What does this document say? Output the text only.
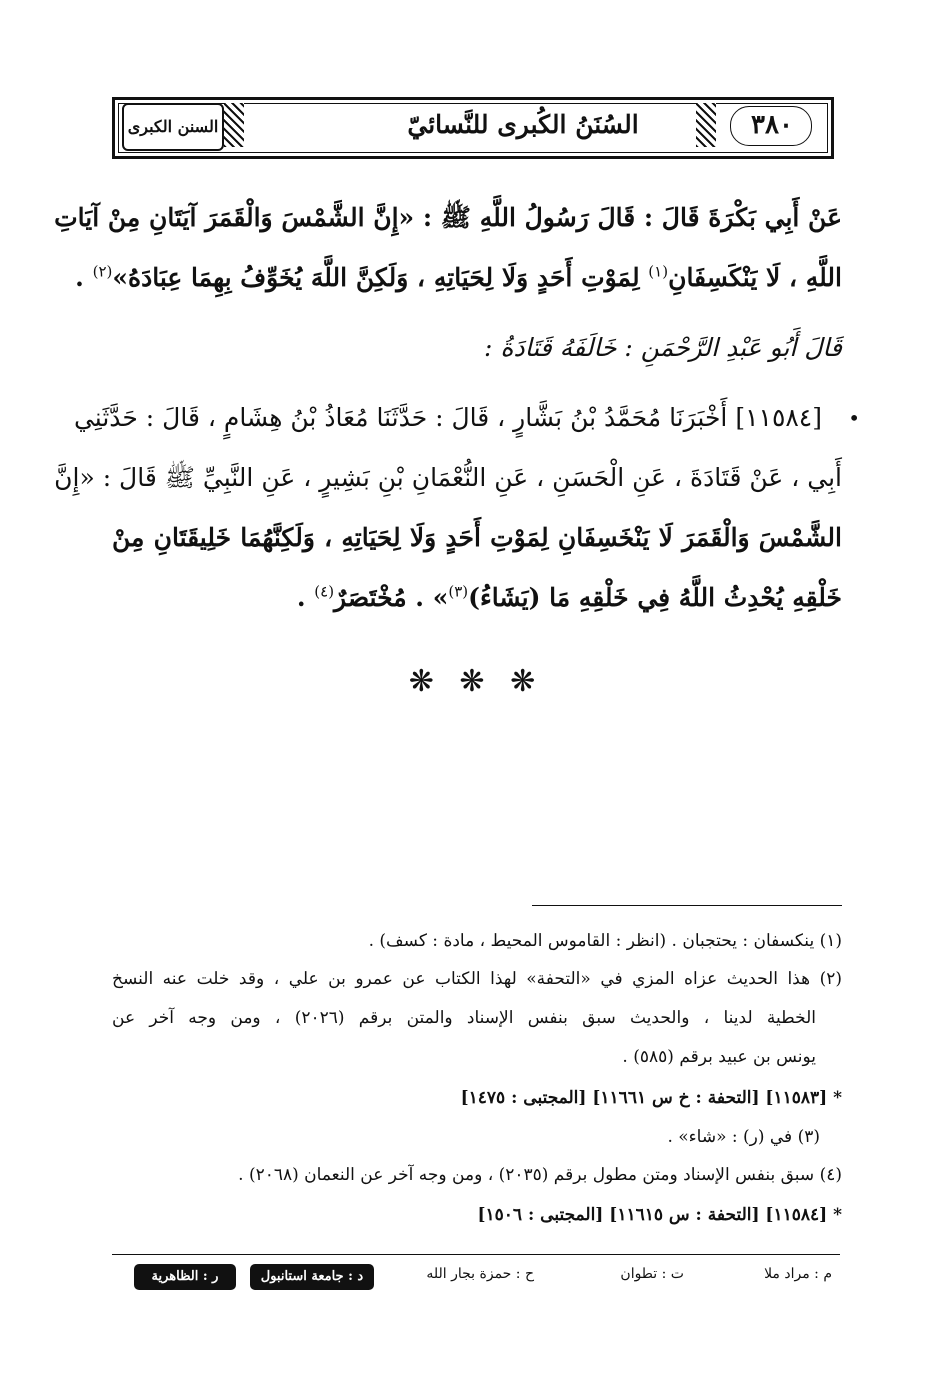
السنن الكبرى	السُنَنُ الكُبرى للنَّسائيّ	٣٨٠
عَنْ أَبِي بَكْرَةَ قَالَ : قَالَ رَسُولُ اللَّهِ ﷺ : «إِنَّ الشَّمْسَ وَالْقَمَرَ آيَتَانِ مِنْ آيَاتِ
اللَّهِ ، لَا يَنْكَسِفَانِ$^{(١)}$ لِمَوْتِ أَحَدٍ وَلَا لِحَيَاتِهِ ، وَلَكِنَّ اللَّهَ يُخَوِّفُ بِهِمَا عِبَادَهُ»$^{(٢)}$ .
قَالَ أَبُو عَبْدِ الرَّحْمَنِ : خَالَفَهُ قَتَادَةُ :
•
[١١٥٨٤] أَخْبَرَنَا مُحَمَّدُ بْنُ بَشَّارٍ ، قَالَ : حَدَّثَنَا مُعَاذُ بْنُ هِشَامٍ ، قَالَ : حَدَّثَنِي
أَبِي ، عَنْ قَتَادَةَ ، عَنِ الْحَسَنِ ، عَنِ النُّعْمَانِ بْنِ بَشِيرٍ ، عَنِ النَّبِيِّ ﷺ قَالَ : «إِنَّ
الشَّمْسَ وَالْقَمَرَ لَا يَنْخَسِفَانِ لِمَوْتِ أَحَدٍ وَلَا لِحَيَاتِهِ ، وَلَكِنَّهُمَا خَلِيقَتَانِ مِنْ
خَلْقِهِ يُحْدِثُ اللَّهُ فِي خَلْقِهِ مَا (يَشَاءُ)$^{(٣)}$» . مُخْتَصَرٌ$^{(٤)}$ .
❋ ❋ ❋
(١) ينكسفان : يحتجبان . (انظر : القاموس المحيط ، مادة : كسف) .
(٢) هذا الحديث عزاه المزي في «التحفة» لهذا الكتاب عن عمرو بن علي ، وقد خلت عنه النسخ
الخطية لدينا ، والحديث سبق بنفس الإسناد والمتن برقم (٢٠٢٦) ، ومن وجه آخر عن
يونس بن عبيد برقم (٥٨٥) .
* [١١٥٨٣] [التحفة : خ س ١١٦٦١] [المجتبى : ١٤٧٥]
(٣) في (ر) : «شاء» .
(٤) سبق بنفس الإسناد ومتن مطول برقم (٢٠٣٥) ، ومن وجه آخر عن النعمان (٢٠٦٨) .
* [١١٥٨٤] [التحفة : س ١١٦١٥] [المجتبى : ١٥٠٦]
م : مراد ملا
ت : تطوان
ح : حمزة بجار الله
د : جامعة استانبول
ر : الظاهرية
